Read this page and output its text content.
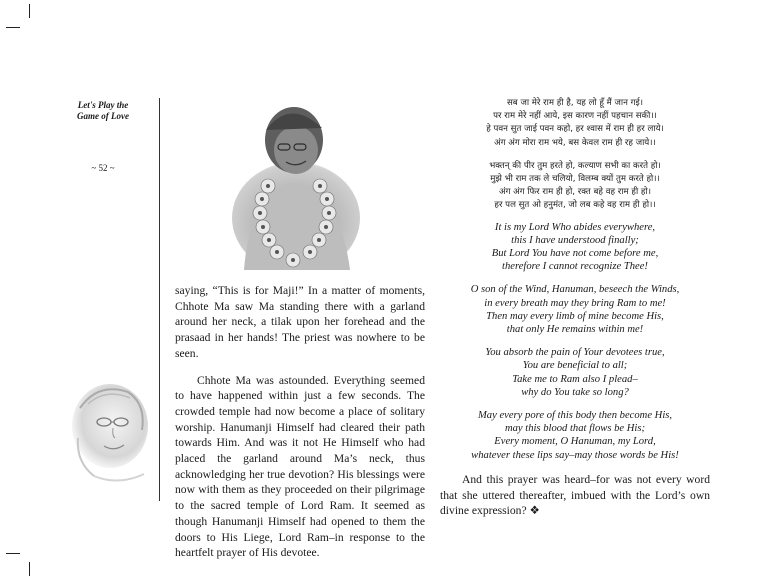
Let's Play the
Game of Love
~ 52 ~

saying, “This is for Maji!” In a matter of moments, Chhote Ma saw Ma standing there with a garland around her neck, a tilak upon her forehead and the prasaad in her hands! The priest was nowhere to be seen.

Chhote Ma was astounded. Everything seemed to have happened within just a few seconds. The crowded temple had now become a place of solitary worship. Hanumanji Himself had cleared their path towards Him. And was it not He Himself who had placed the garland around Ma’s neck, thus acknowledging her true devotion? His blessings were now with them as they proceeded on their pilgrimage to the sacred temple of Lord Ram. It seemed as though Hanumanji Himself had opened to them the doors to His Liege, Lord Ram–in response to the heartfelt prayer of His devotee.

सब जा मेरे राम ही है, यह लो हूँ मैं जान गई।
पर राम मेरे नहीं आये, इस कारण नहीं पहचान सकी।।
हे पवन सुत जाई पवन कहो, हर श्वास में राम ही हर लाये।
अंग अंग मोरा राम भये, बस केवल राम ही रह जाये।।
भक्तन् की पीर तुम हरते हो, कल्याण सभी का करते हो।
मुझे भी राम तक ले चलियो, विलम्ब क्यों तुम करते हो।।
अंग अंग फिर राम ही हो, रक्त बहे वह राम ही हो।
हर पल सुत ओ हनुमंत, जो लब कहे वह राम ही हो।।
It is my Lord Who abides everywhere,
this I have understood finally;
But Lord You have not come before me,
therefore I cannot recognize Thee!
O son of the Wind, Hanuman, beseech the Winds,
in every breath may they bring Ram to me!
Then may every limb of mine become His,
that only He remains within me!
You absorb the pain of Your devotees true,
You are beneficial to all;
Take me to Ram also I plead–
why do You take so long?
May every pore of this body then become His,
may this blood that flows be His;
Every moment, O Hanuman, my Lord,
whatever these lips say–may those words be His!

And this prayer was heard–for was not every word that she uttered thereafter, imbued with the Lord’s own divine expression? ❖
